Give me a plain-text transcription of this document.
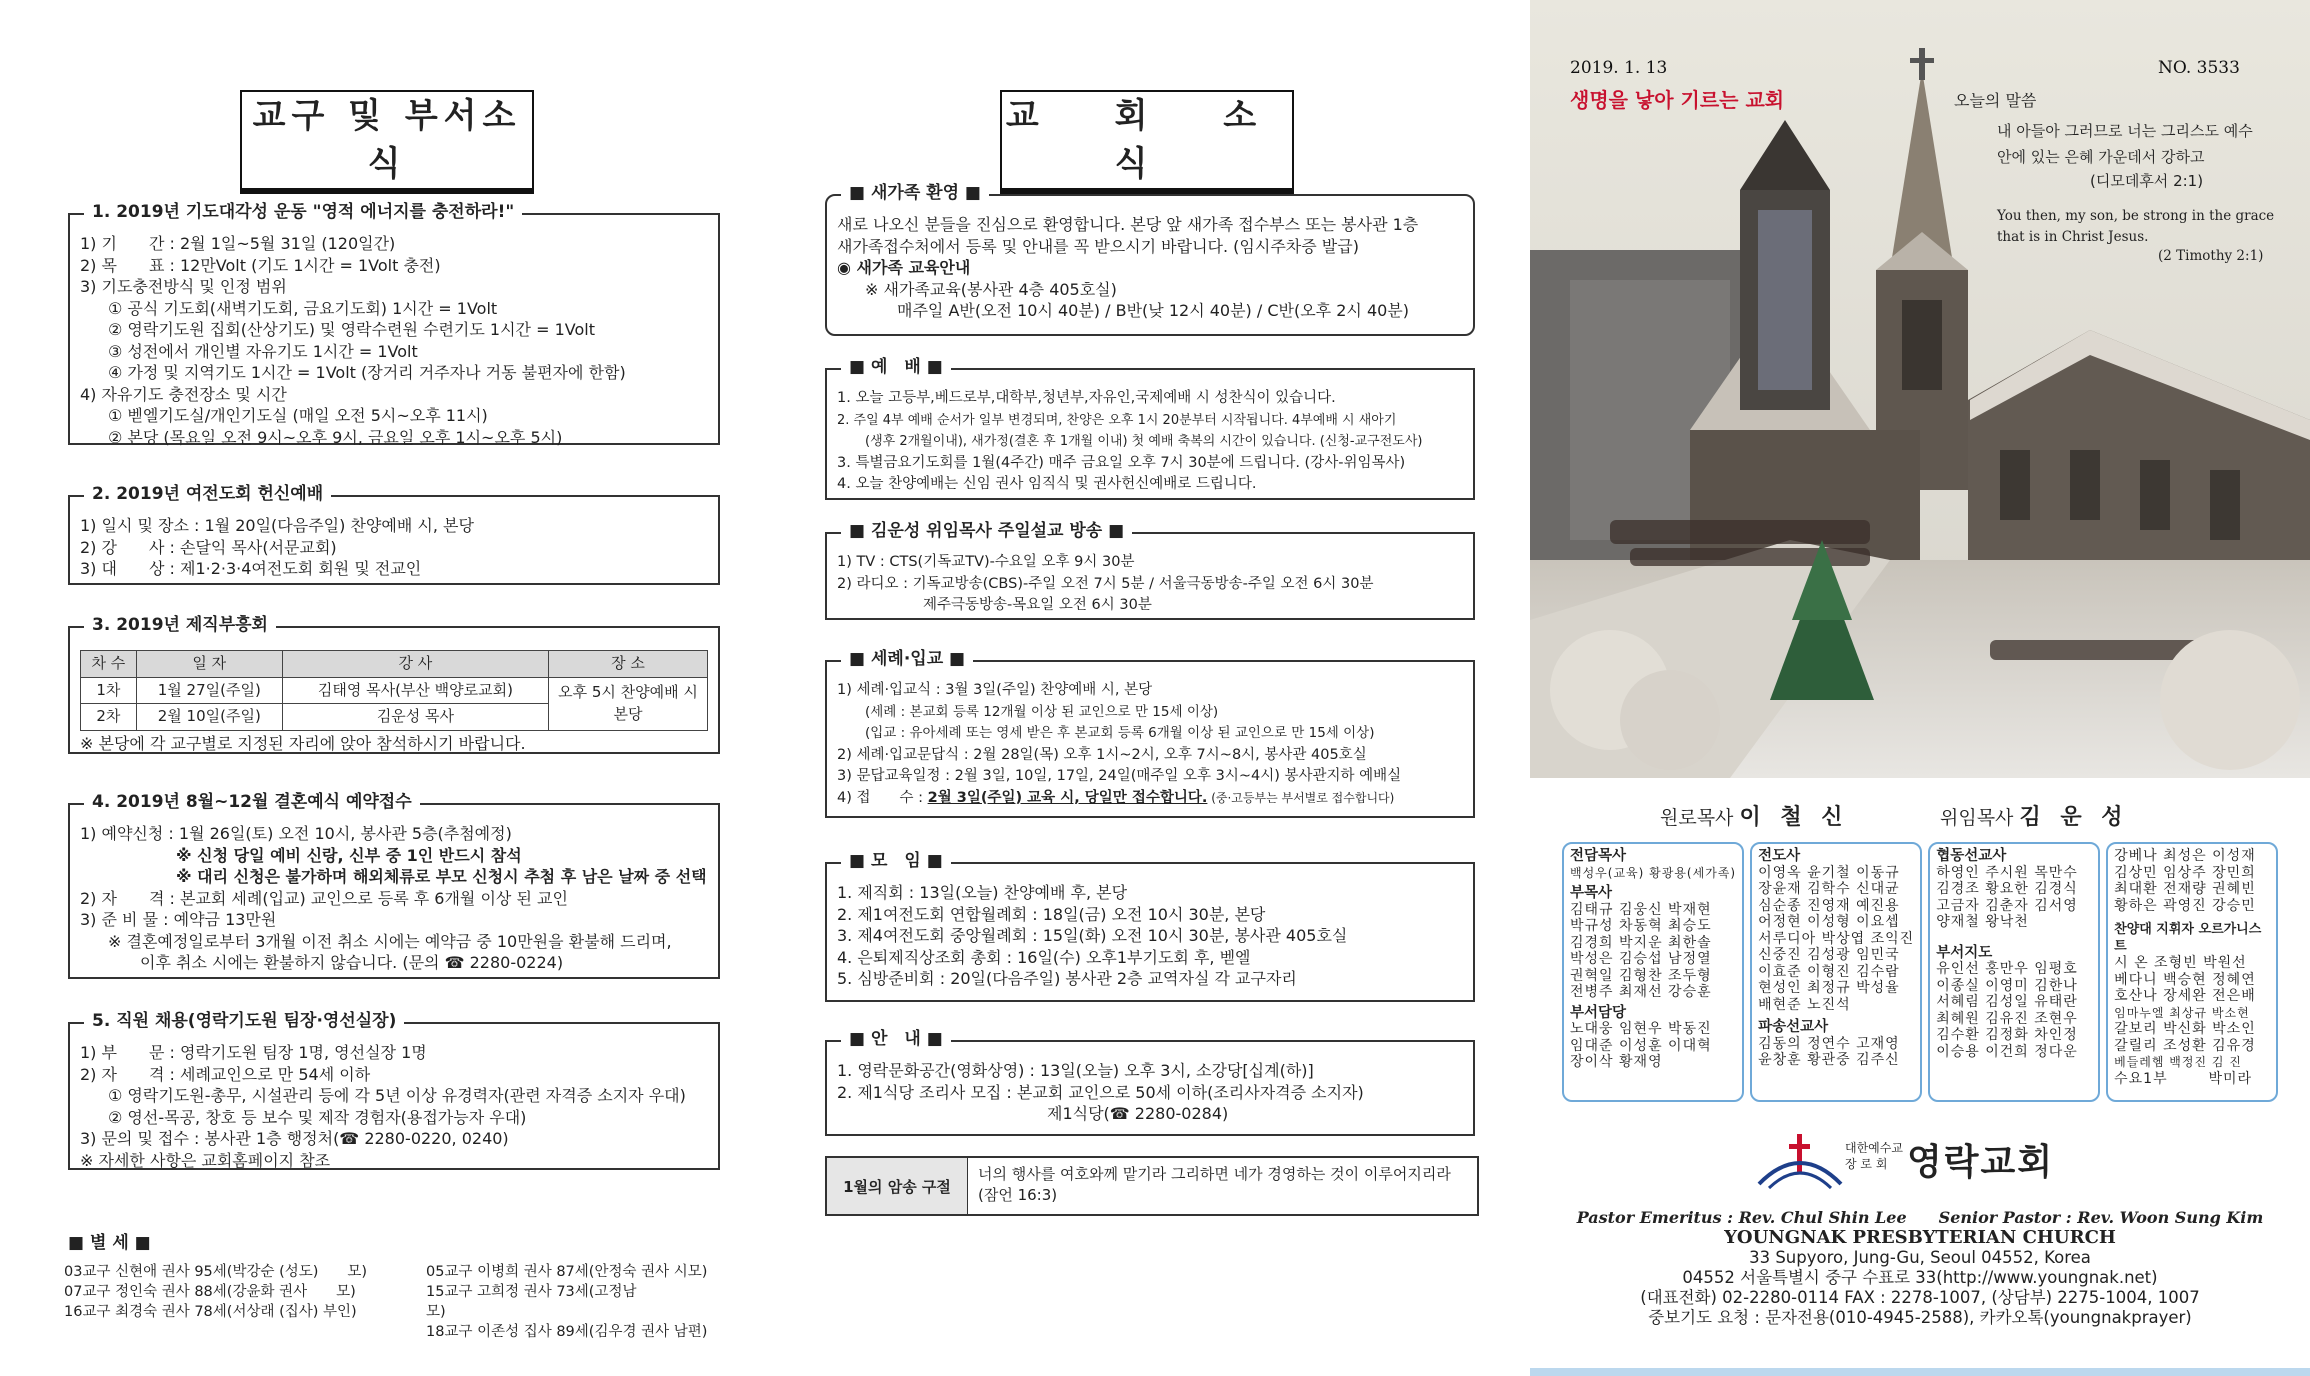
교구 및 부서소식
1. 2019년 기도대각성 운동 "영적 에너지를 충전하라!"
1) 기　　간 : 2월 1일~5월 31일 (120일간)
2) 목　　표 : 12만Volt (기도 1시간 = 1Volt 충전)
3) 기도충전방식 및 인정 범위
① 공식 기도회(새벽기도회, 금요기도회) 1시간 = 1Volt
② 영락기도원 집회(산상기도) 및 영락수련원 수련기도 1시간 = 1Volt
③ 성전에서 개인별 자유기도 1시간 = 1Volt
④ 가정 및 지역기도 1시간 = 1Volt (장거리 거주자나 거동 불편자에 한함)
4) 자유기도 충전장소 및 시간
① 벧엘기도실/개인기도실 (매일 오전 5시~오후 11시)
② 본당 (목요일 오전 9시~오후 9시, 금요일 오후 1시~오후 5시)
2. 2019년 여전도회 헌신예배
1) 일시 및 장소 : 1월 20일(다음주일) 찬양예배 시, 본당
2) 강　　사 : 손달익 목사(서문교회)
3) 대　　상 : 제1·2·3·4여전도회 회원 및 전교인
3. 2019년 제직부흥회
차 수	일 자	강 사	장 소
1차	1월 27일(주일)	김태영 목사(부산 백양로교회)	오후 5시 찬양예배 시 본당
2차	2월 10일(주일)	김운성 목사	
※ 본당에 각 교구별로 지정된 자리에 앉아 참석하시기 바랍니다.
4. 2019년 8월~12월 결혼예식 예약접수
1) 예약신청 : 1월 26일(토) 오전 10시, 봉사관 5층(추첨예정)
※ 신청 당일 예비 신랑, 신부 중 1인 반드시 참석
※ 대리 신청은 불가하며 해외체류로 부모 신청시 추첨 후 남은 날짜 중 선택
2) 자　　격 : 본교회 세례(입교) 교인으로 등록 후 6개월 이상 된 교인
3) 준 비 물 : 예약금 13만원
※ 결혼예정일로부터 3개월 이전 취소 시에는 예약금 중 10만원을 환불해 드리며,
이후 취소 시에는 환불하지 않습니다. (문의 ☎ 2280-0224)
5. 직원 채용(영락기도원 팀장·영선실장)
1) 부　　문 : 영락기도원 팀장 1명, 영선실장 1명
2) 자　　격 : 세례교인으로 만 54세 이하
① 영락기도원-총무, 시설관리 등에 각 5년 이상 유경력자(관련 자격증 소지자 우대)
② 영선-목공, 창호 등 보수 및 제작 경험자(용접가능자 우대)
3) 문의 및 접수 : 봉사관 1층 행정처(☎ 2280-0220, 0240)
※ 자세한 사항은 교회홈페이지 참조
■ 별 세 ■
03교구 신현애 권사 95세(박강순 (성도)　　모)
07교구 정인숙 권사 88세(강윤화 권사　　모)
16교구 최경숙 권사 78세(서상래 (집사) 부인)
05교구 이병희 권사 87세(안정숙 권사 시모)
15교구 고희정 권사 73세(고정남　　　　모)
18교구 이존성 집사 89세(김우경 권사 남편)
교 회 소 식
■ 새가족 환영 ■
새로 나오신 분들을 진심으로 환영합니다. 본당 앞 새가족 접수부스 또는 봉사관 1층
새가족접수처에서 등록 및 안내를 꼭 받으시기 바랍니다. (임시주차증 발급)
◉ 새가족 교육안내
※ 새가족교육(봉사관 4층 405호실)
매주일 A반(오전 10시 40분) / B반(낮 12시 40분) / C반(오후 2시 40분)
■ 예　배 ■
1. 오늘 고등부,베드로부,대학부,청년부,자유인,국제예배 시 성찬식이 있습니다.
2. 주일 4부 예배 순서가 일부 변경되며, 찬양은 오후 1시 20분부터 시작됩니다. 4부예배 시 새아기
(생후 2개월이내), 새가정(결혼 후 1개월 이내) 첫 예배 축복의 시간이 있습니다. (신청-교구전도사)
3. 특별금요기도회를 1월(4주간) 매주 금요일 오후 7시 30분에 드립니다. (강사-위임목사)
4. 오늘 찬양예배는 신임 권사 임직식 및 권사헌신예배로 드립니다.
■ 김운성 위임목사 주일설교 방송 ■
1) TV : CTS(기독교TV)-수요일 오후 9시 30분
2) 라디오 : 기독교방송(CBS)-주일 오전 7시 5분 / 서울극동방송-주일 오전 6시 30분
제주극동방송-목요일 오전 6시 30분
■ 세례·입교 ■
1) 세례·입교식 : 3월 3일(주일) 찬양예배 시, 본당
(세례 : 본교회 등록 12개월 이상 된 교인으로 만 15세 이상)
(입교 : 유아세례 또는 영세 받은 후 본교회 등록 6개월 이상 된 교인으로 만 15세 이상)
2) 세례·입교문답식 : 2월 28일(목) 오후 1시~2시, 오후 7시~8시, 봉사관 405호실
3) 문답교육일정 : 2월 3일, 10일, 17일, 24일(매주일 오후 3시~4시) 봉사관지하 예배실
4) 접　　수 : 2월 3일(주일) 교육 시, 당일만 접수합니다. (중·고등부는 부서별로 접수합니다)
■ 모　임 ■
1. 제직회 : 13일(오늘) 찬양예배 후, 본당
2. 제1여전도회 연합월례회 : 18일(금) 오전 10시 30분, 본당
3. 제4여전도회 중앙월례회 : 15일(화) 오전 10시 30분, 봉사관 405호실
4. 은퇴제직상조회 총회 : 16일(수) 오후1부기도회 후, 벧엘
5. 심방준비회 : 20일(다음주일) 봉사관 2층 교역자실 각 교구자리
■ 안　내 ■
1. 영락문화공간(영화상영) : 13일(오늘) 오후 3시, 소강당[십계(하)]
2. 제1식당 조리사 모집 : 본교회 교인으로 50세 이하(조리사자격증 소지자)
제1식당(☎ 2280-0284)
1월의 암송 구절
너의 행사를 여호와께 맡기라 그리하면 네가 경영하는 것이 이루어지리라
(잠언 16:3)
2019. 1. 13	NO. 3533
생명을 낳아 기르는 교회	오늘의 말씀
내 아들아 그러므로 너는 그리스도 예수
안에 있는 은혜 가운데서 강하고
(디모데후서 2:1)
You then, my son, be strong in the grace
that is in Christ Jesus.
(2 Timothy 2:1)
원로목사 이 철 신	위임목사 김 운 성
전담목사
백성우(교육) 황광용(세가족)
부목사
김태규 김웅신 박재현
박규성 차동혁 최승도
김경희 박지운 최한솔
박성은 김승섭 남정열
권혁일 김형찬 조두형
전병주 최재선 강승훈
부서담당
노대웅 임현우 박동진
임대준 이성훈 이대혁
장이삭 황재영
전도사
이영옥 윤기철 이동규
장윤재 김학수 신대균
심순종 진영재 예진용
어정현 이성형 이요셉
서루디아 박상엽 조익진
신중진 김성광 임민국
이효준 이형진 김수람
현성인 최정규 박성율
배현준 노진석
파송선교사
김동의 정연수 고재영
윤창훈 황관중 김주신
협동선교사
하영인 주시원 목만수
김경조 황요한 김경식
고금자 김춘자 김서영
양재철 왕낙천
부서지도
유인선 홍만우 임평호
이종실 이영미 김한나
서혜림 김성일 유태란
최혜원 김유진 조현우
김수환 김정화 차인정
이승용 이건희 정다운
강베나 최성은 이성재
김상민 임상주 장민희
최대환 전재량 권혜빈
황하은 곽영진 강승민
찬양대 지휘자 오르가니스트
시 온 조형빈 박원선
베다니 백승현 정혜연
호산나 장세완 전은배
임마누엘 최상규 박소현
갈보리 박신화 박소인
갈릴리 조성환 김유경
베들레헴 백정진 김 진
수요1부 　　 박미라
대한예수교
장 로 회 영락교회
Pastor Emeritus : Rev. Chul Shin Lee　　Senior Pastor : Rev. Woon Sung Kim
YOUNGNAK PRESBYTERIAN CHURCH
33 Supyoro, Jung-Gu, Seoul 04552, Korea
04552 서울특별시 중구 수표로 33(http://www.youngnak.net)
(대표전화) 02-2280-0114 FAX : 2278-1007, (상담부) 2275-1004, 1007
중보기도 요청 : 문자전용(010-4945-2588), 카카오톡(youngnakprayer)
